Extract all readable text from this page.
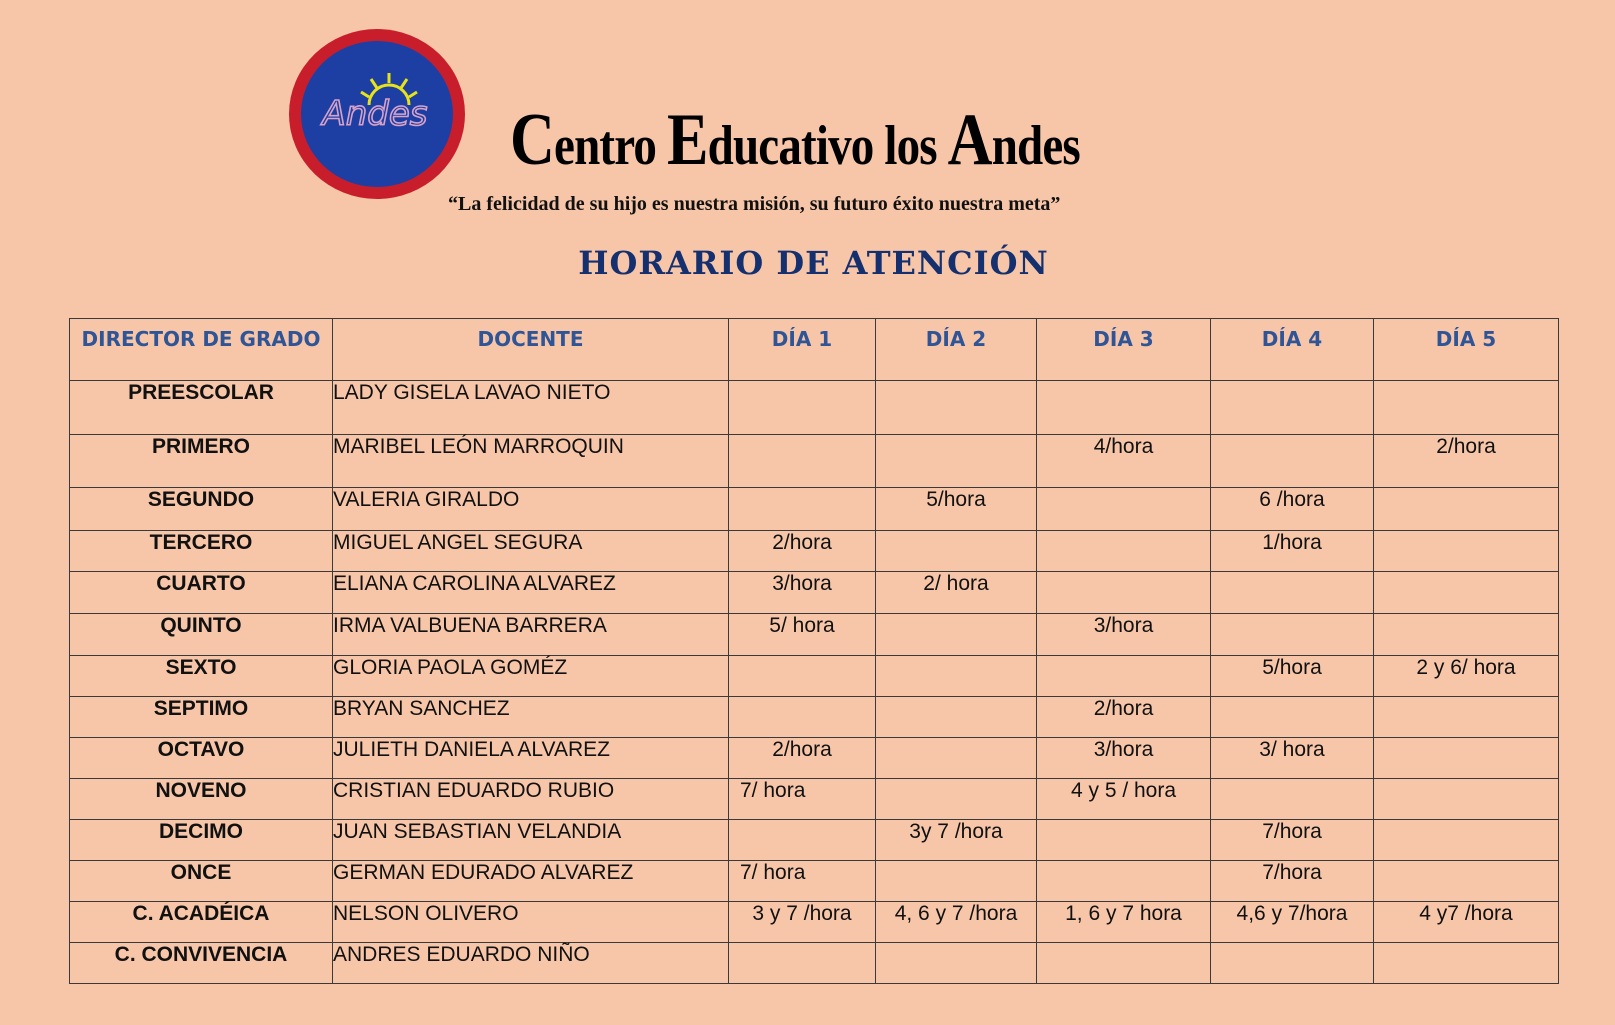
Andes Centro Educativo los Andes
“La felicidad de su hijo es nuestra misión, su futuro éxito nuestra meta”
HORARIO DE ATENCIÓN
DIRECTOR DE GRADO	DOCENTE	DÍA 1	DÍA 2	DÍA 3	DÍA 4	DÍA 5
PREESCOLAR	LADY GISELA LAVAO NIETO					
PRIMERO	MARIBEL LEÓN MARROQUIN			4/hora		2/hora
SEGUNDO	VALERIA GIRALDO		5/hora		6 /hora	
TERCERO	MIGUEL ANGEL SEGURA	2/hora			1/hora	
CUARTO	ELIANA CAROLINA ALVAREZ	3/hora	2/ hora			
QUINTO	IRMA VALBUENA BARRERA	5/ hora		3/hora		
SEXTO	GLORIA PAOLA GOMÉZ				5/hora	2 y 6/ hora
SEPTIMO	BRYAN SANCHEZ			2/hora		
OCTAVO	JULIETH DANIELA ALVAREZ	2/hora		3/hora	3/ hora	
NOVENO	CRISTIAN EDUARDO RUBIO	7/ hora		4 y 5 / hora		
DECIMO	JUAN SEBASTIAN VELANDIA		3y 7 /hora		7/hora	
ONCE	GERMAN EDURADO ALVAREZ	7/ hora			7/hora	
C. ACADÉICA	NELSON OLIVERO	3 y 7 /hora	4, 6 y 7 /hora	1, 6 y 7 hora	4,6 y 7/hora	4 y7 /hora
C. CONVIVENCIA	ANDRES EDUARDO NIÑO					
